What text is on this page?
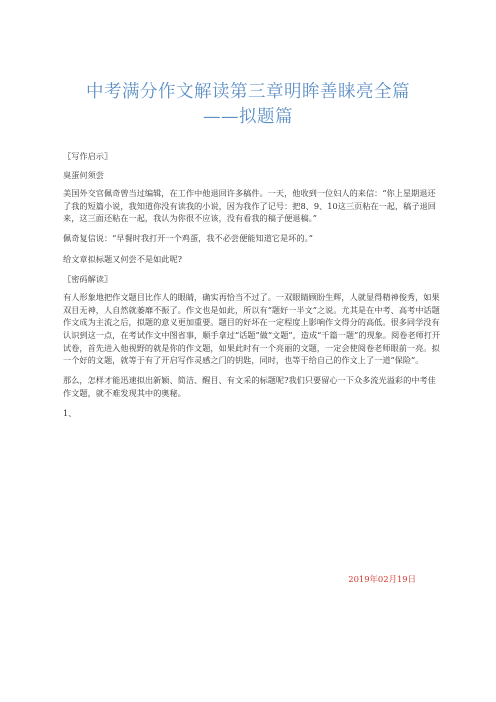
中考满分作文解读第三章明眸善睐亮全篇
——拟题篇

〖写作启示〗

臭蛋何须尝

美国外交官佩奇曾当过编辑，在工作中他退回许多稿件。一天，他收到一位妇人的来信：“你上星期退还了我的短篇小说，我知道你没有读我的小说，因为我作了记号：把8、9、10这三页粘在一起，稿子退回来，这三面还粘在一起，我认为你很不应该，没有看我的稿子便退稿。”

佩奇复信说：“早餐时我打开一个鸡蛋，我不必尝便能知道它是坏的。”

给文章拟标题又何尝不是如此呢?

〖密码解读〗

有人形象地把作文题目比作人的眼睛，确实再恰当不过了。一双眼睛顾盼生辉，人就显得精神俊秀，如果双目无神，人自然就萎靡不振了。作文也是如此，所以有“题好一半文”之说。尤其是在中考、高考中话题作文成为主流之后，拟题的意义更加重要。题目的好坏在一定程度上影响作文得分的高低。很多同学没有认识到这一点，在考试作文中图省事，顺手拿过“话题”做“文题”，造成“千篇一题”的现象。阅卷老师打开试卷，首先进入他视野的就是你的作文题，如果此时有一个亮丽的文题，一定会使阅卷老师眼前一亮。拟一个好的文题，就等于有了开启写作灵感之门的钥匙，同时，也等于给自己的作文上了一道“保险”。

那么，怎样才能迅速拟出新颖、简洁、醒目、有文采的标题呢?我们只要留心一下众多流光溢彩的中考佳作文题，就不难发现其中的奥秘。

1、

2019年02月19日
